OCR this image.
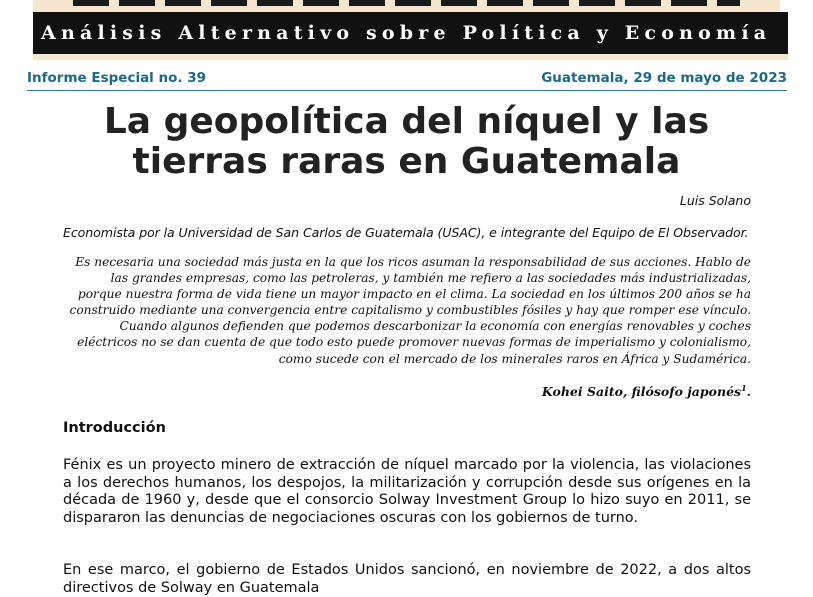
Análisis Alternativo sobre Política y Economía
Informe Especial no. 39	Guatemala, 29 de mayo de 2023
La geopolítica del níquel y las tierras raras en Guatemala
Luis Solano
Economista por la Universidad de San Carlos de Guatemala (USAC), e integrante del Equipo de El Observador.

Es necesaria una sociedad más justa en la que los ricos asuman la responsabilidad de sus acciones. Hablo de las grandes empresas, como las petroleras, y también me refiero a las sociedades más industrializadas, porque nuestra forma de vida tiene un mayor impacto en el clima. La sociedad en los últimos 200 años se ha construido mediante una convergencia entre capitalismo y combustibles fósiles y hay que romper ese vínculo. Cuando algunos defienden que podemos descarbonizar la economía con energías renovables y coches eléctricos no se dan cuenta de que todo esto puede promover nuevas formas de imperialismo y colonialismo, como sucede con el mercado de los minerales raros en África y Sudamérica.

Kohei Saito, filósofo japonés$^1$.
Introducción

Fénix es un proyecto minero de extracción de níquel marcado por la violencia, las violaciones a los derechos humanos, los despojos, la militarización y corrupción desde sus orígenes en la década de 1960 y, desde que el consorcio Solway Investment Group lo hizo suyo en 2011, se dispararon las denuncias de negociaciones oscuras con los gobiernos de turno.

En ese marco, el gobierno de Estados Unidos sancionó, en noviembre de 2022, a dos altos directivos de Solway en Guatemala
